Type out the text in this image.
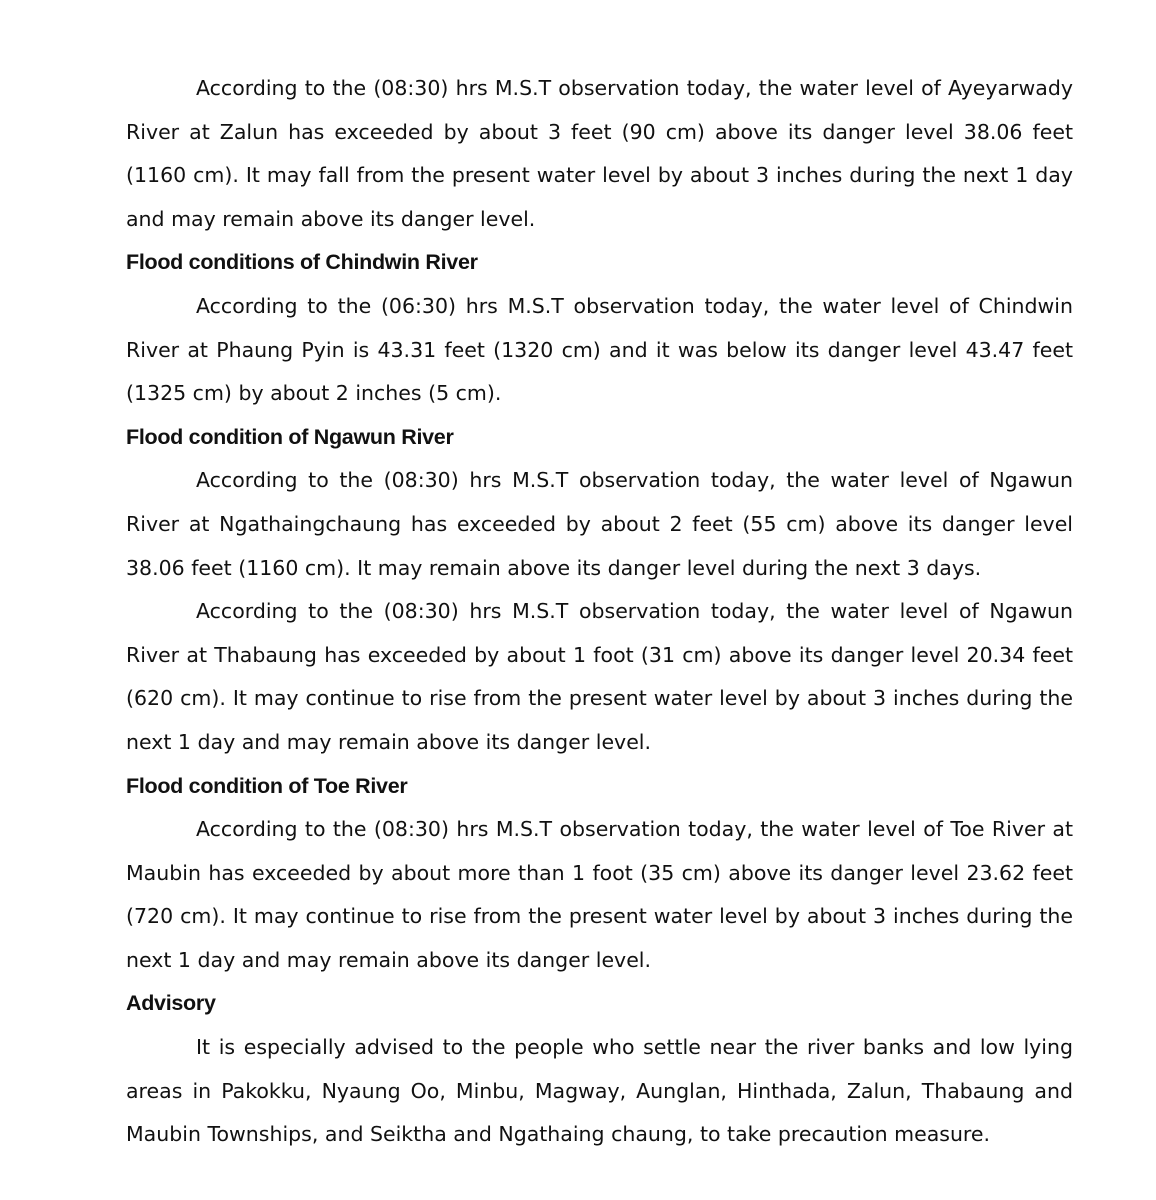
According to the (08:30) hrs M.S.T observation today, the water level of Ayeyarwady River at Zalun has exceeded by about 3 feet (90 cm) above its danger level 38.06 feet (1160 cm). It may fall from the present water level by about 3 inches during the next 1 day and may remain above its danger level.

Flood conditions of Chindwin River

According to the (06:30) hrs M.S.T observation today, the water level of Chindwin River at Phaung Pyin is 43.31 feet (1320 cm) and it was below its danger level 43.47 feet (1325 cm) by about 2 inches (5 cm).

Flood condition of Ngawun River

According to the (08:30) hrs M.S.T observation today, the water level of Ngawun River at Ngathaingchaung has exceeded by about 2 feet (55 cm) above its danger level 38.06 feet (1160 cm). It may remain above its danger level during the next 3 days.

According to the (08:30) hrs M.S.T observation today, the water level of Ngawun River at Thabaung has exceeded by about 1 foot (31 cm) above its danger level 20.34 feet (620 cm). It may continue to rise from the present water level by about 3 inches during the next 1 day and may remain above its danger level.

Flood condition of Toe River

According to the (08:30) hrs M.S.T observation today, the water level of Toe River at Maubin has exceeded by about more than 1 foot (35 cm) above its danger level 23.62 feet (720 cm). It may continue to rise from the present water level by about 3 inches during the next 1 day and may remain above its danger level.

Advisory

It is especially advised to the people who settle near the river banks and low lying areas in Pakokku, Nyaung Oo, Minbu, Magway, Aunglan, Hinthada, Zalun, Thabaung and Maubin Townships, and Seiktha and Ngathaing chaung, to take precaution measure.
